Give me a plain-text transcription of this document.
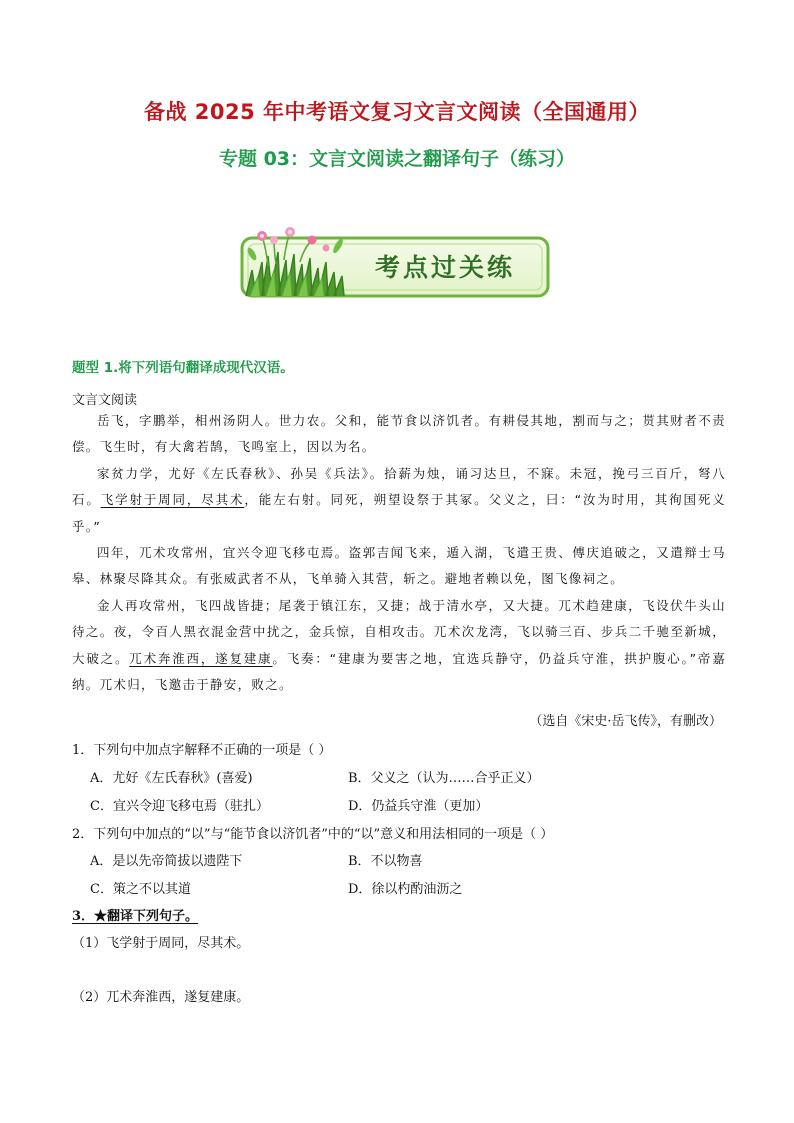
备战 2025 年中考语文复习文言文阅读（全国通用）
专题 03：文言文阅读之翻译句子（练习）
考点过关练
题型 1.将下列语句翻译成现代汉语。
文言文阅读

岳飞，字鹏举，相州汤阴人。世力农。父和，能节食以济饥者。有耕侵其地，割而与之；贳其财者不责偿。飞生时，有大禽若鹄，飞鸣室上，因以为名。

家贫力学，尤好《左氏春秋》、孙吴《兵法》。拾薪为烛，诵习达旦，不寐。未冠，挽弓三百斤，弩八石。飞学射于周同，尽其术，能左右射。同死，朔望设祭于其冢。父义之，曰：“汝为时用，其徇国死义乎。”

四年，兀术攻常州，宜兴令迎飞移屯焉。盗郭吉闻飞来，遁入湖，飞遣王贵、傅庆追破之，又遣辩士马皋、林聚尽降其众。有张威武者不从，飞单骑入其营，斩之。避地者赖以免，图飞像祠之。

金人再攻常州，飞四战皆捷；尾袭于镇江东，又捷；战于清水亭，又大捷。兀术趋建康，飞设伏牛头山待之。夜，令百人黑衣混金营中扰之，金兵惊，自相攻击。兀术次龙湾，飞以骑三百、步兵二千驰至新城，大破之。兀术奔淮西，遂复建康。飞奏：“建康为要害之地，宜选兵静守，仍益兵守淮，拱护腹心。”帝嘉纳。兀术归，飞邀击于静安，败之。

（选自《宋史·岳飞传》，有删改）
1．下列句中加点字解释不正确的一项是（ ）
A．尤好《左氏春秋》(喜爱)	B．父义之（认为……合乎正义）
C．宜兴令迎飞移屯焉（驻扎）	D．仍益兵守淮（更加）
2．下列句中加点的“以”与“能节食以济饥者”中的“以”意义和用法相同的一项是（ ）
A．是以先帝简拔以遗陛下	B．不以物喜
C．策之不以其道	D．徐以杓酌油沥之
3．★翻译下列句子。
（1）飞学射于周同，尽其术。
（2）兀术奔淮西，遂复建康。
